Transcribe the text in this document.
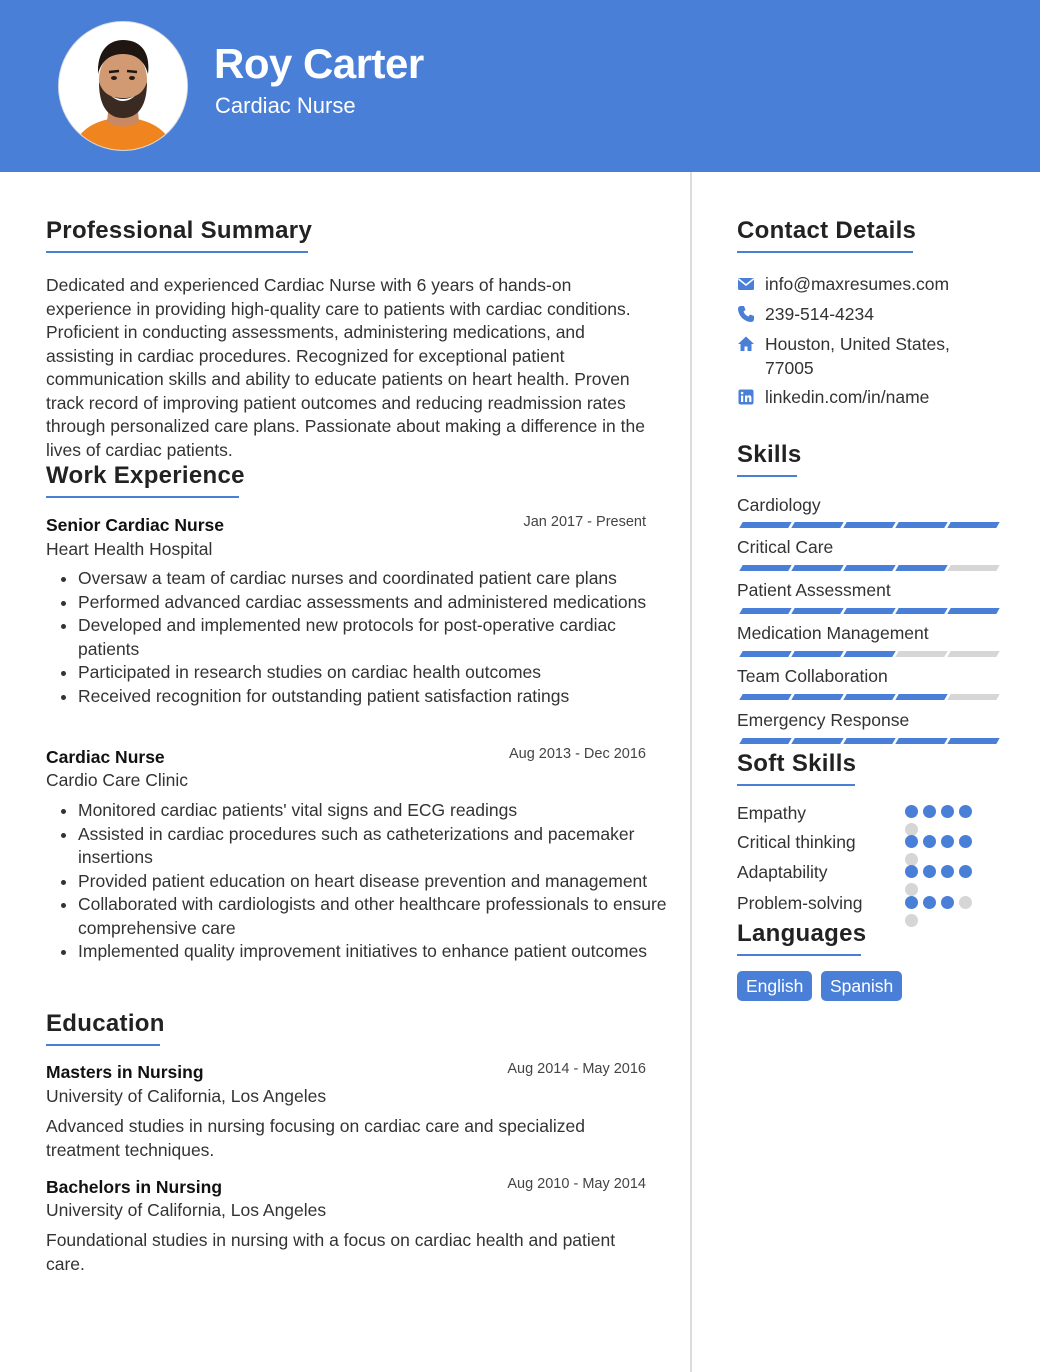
Roy Carter
Cardiac Nurse
Professional Summary

Dedicated and experienced Cardiac Nurse with 6 years of hands-on experience in providing high-quality care to patients with cardiac conditions. Proficient in conducting assessments, administering medications, and assisting in cardiac procedures. Recognized for exceptional patient communication skills and ability to educate patients on heart health. Proven track record of improving patient outcomes and reducing readmission rates through personalized care plans. Passionate about making a difference in the lives of cardiac patients.

Work Experience
Senior Cardiac Nurse	Jan 2017 - Present
Heart Health Hospital
• Oversaw a team of cardiac nurses and coordinated patient care plans
• Performed advanced cardiac assessments and administered medications
• Developed and implemented new protocols for post-operative cardiac patients
• Participated in research studies on cardiac health outcomes
• Received recognition for outstanding patient satisfaction ratings
Cardiac Nurse	Aug 2013 - Dec 2016
Cardio Care Clinic
• Monitored cardiac patients' vital signs and ECG readings
• Assisted in cardiac procedures such as catheterizations and pacemaker insertions
• Provided patient education on heart disease prevention and management
• Collaborated with cardiologists and other healthcare professionals to ensure comprehensive care
• Implemented quality improvement initiatives to enhance patient outcomes
Education
Masters in Nursing	Aug 2014 - May 2016
University of California, Los Angeles

Advanced studies in nursing focusing on cardiac care and specialized treatment techniques.

Bachelors in Nursing	Aug 2010 - May 2014
University of California, Los Angeles

Foundational studies in nursing with a focus on cardiac health and patient care.

Contact Details
info@maxresumes.com
239-514-4234
Houston, United States, 77005
linkedin.com/in/name
Skills
Cardiology
Critical Care
Patient Assessment
Medication Management
Team Collaboration
Emergency Response
Soft Skills
Empathy
Critical thinking
Adaptability
Problem-solving
Languages
English	Spanish
